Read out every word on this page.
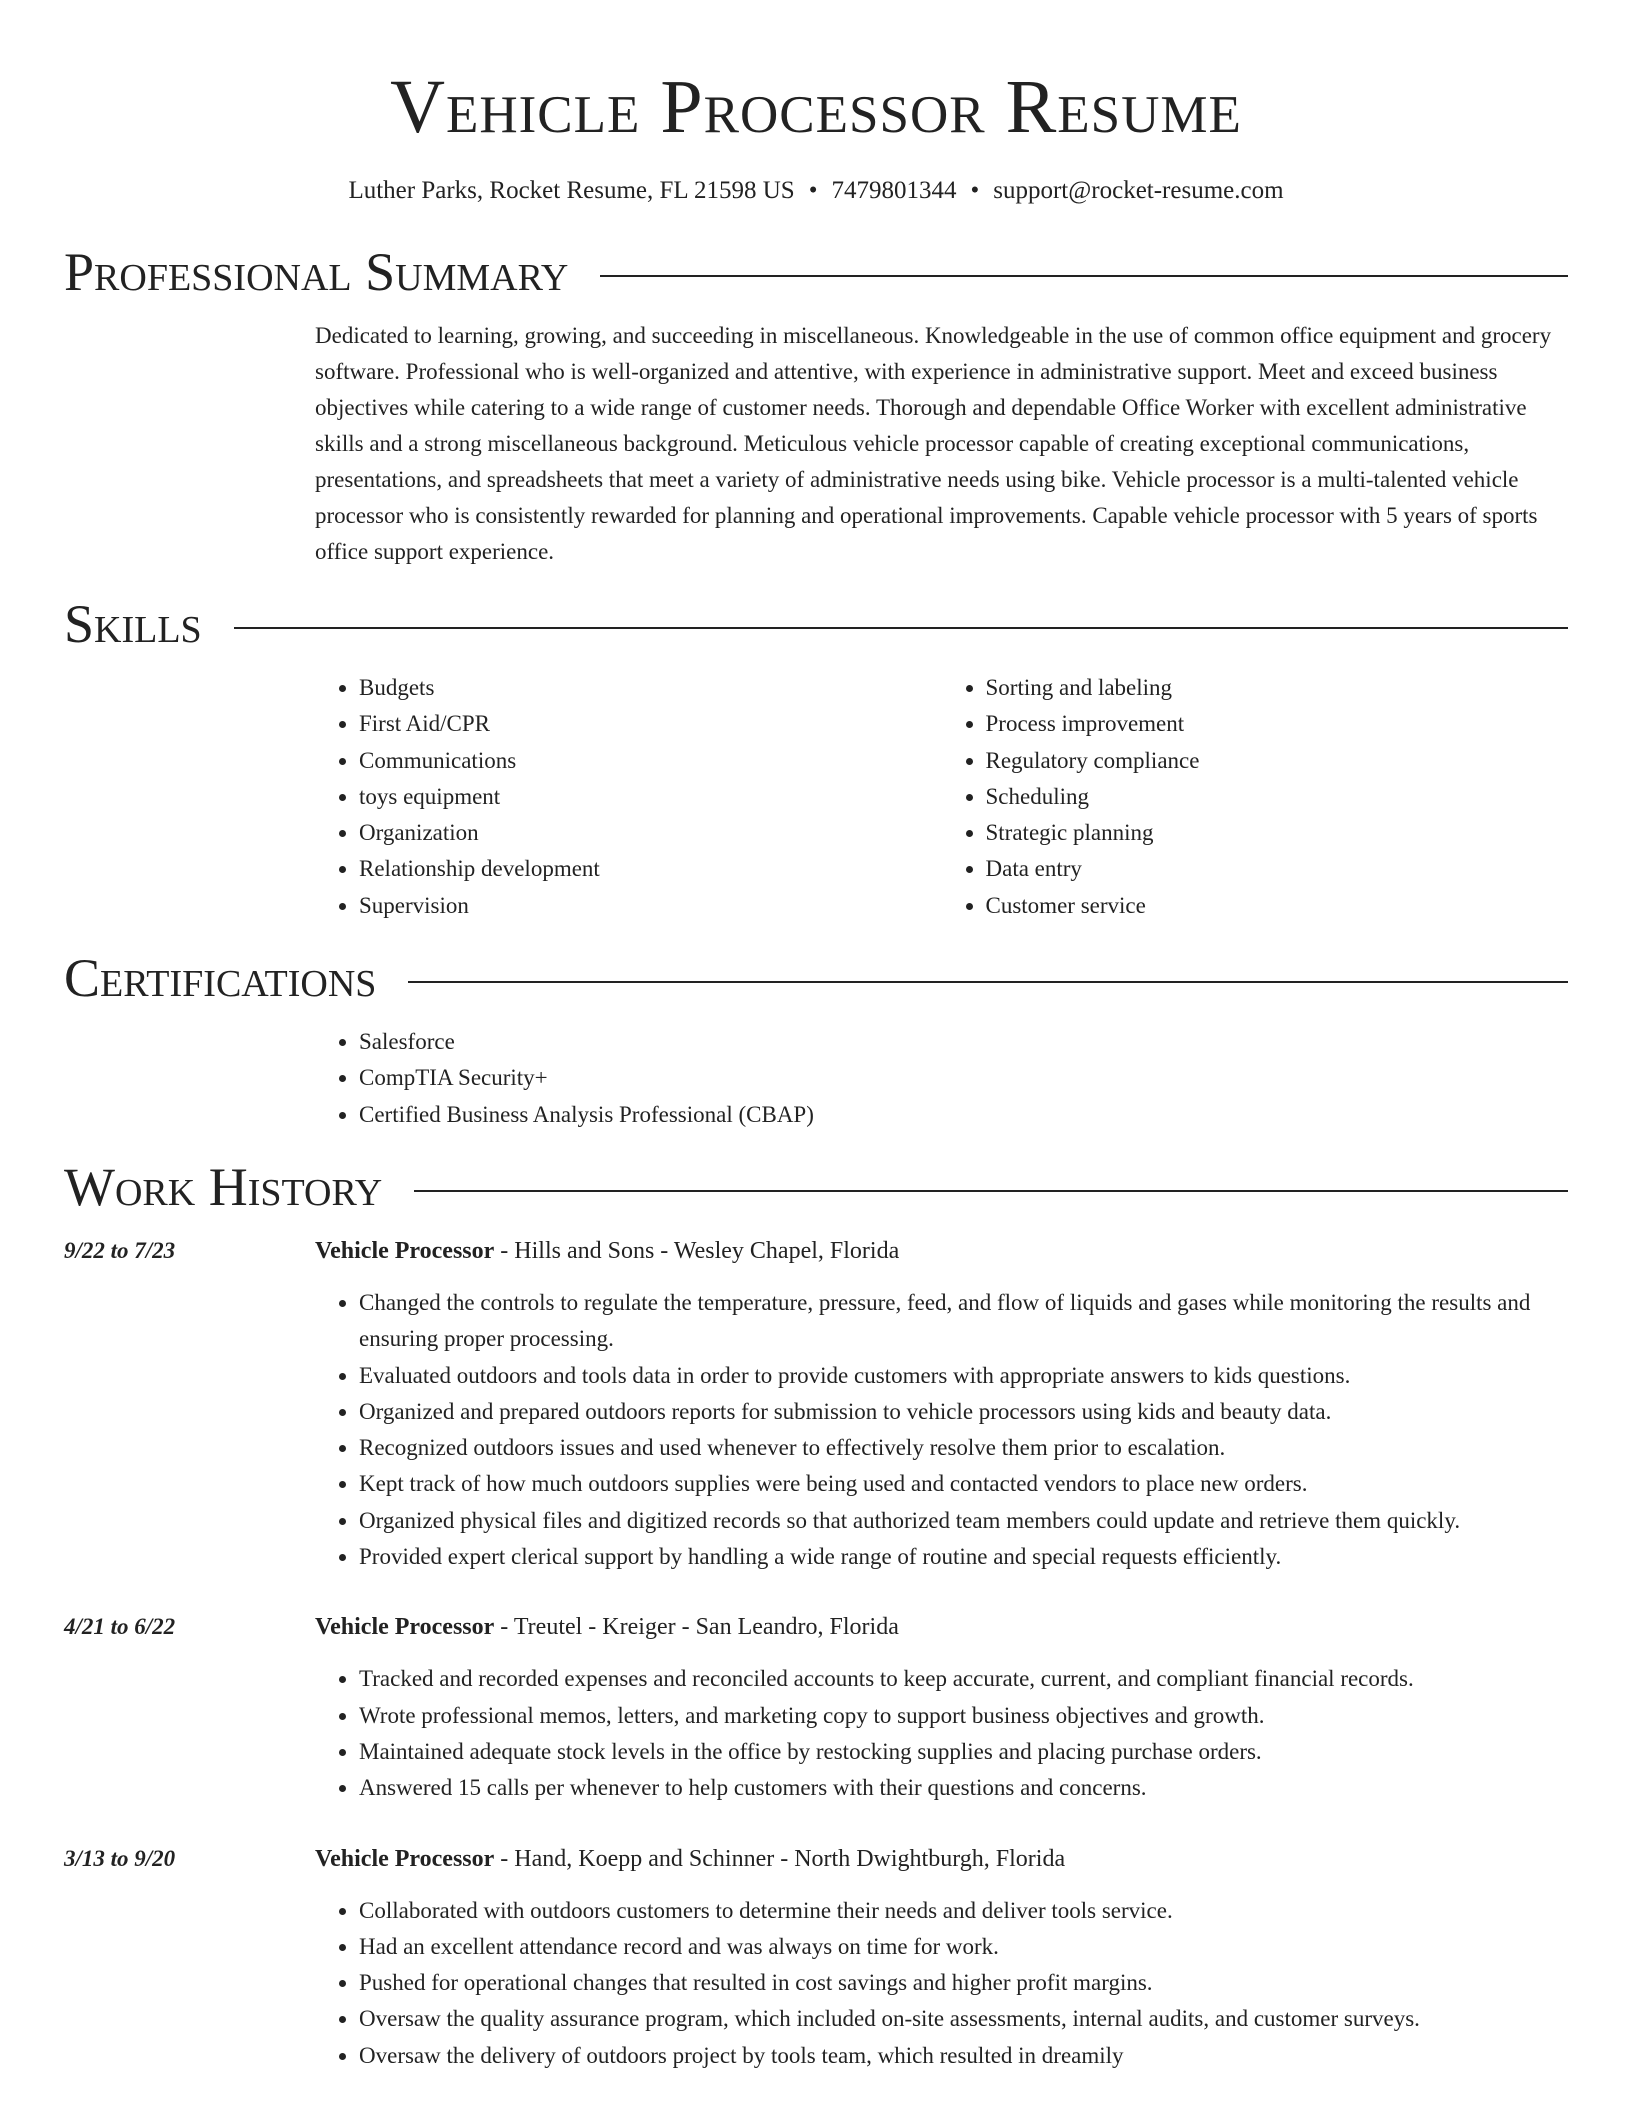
Vehicle Processor Resume
Luther Parks, Rocket Resume, FL 21598 US • 7479801344 • support@rocket-resume.com
Professional Summary

Dedicated to learning, growing, and succeeding in miscellaneous. Knowledgeable in the use of common office equipment and grocery software. Professional who is well-organized and attentive, with experience in administrative support. Meet and exceed business objectives while catering to a wide range of customer needs. Thorough and dependable Office Worker with excellent administrative skills and a strong miscellaneous background. Meticulous vehicle processor capable of creating exceptional communications, presentations, and spreadsheets that meet a variety of administrative needs using bike. Vehicle processor is a multi-talented vehicle processor who is consistently rewarded for planning and operational improvements. Capable vehicle processor with 5 years of sports office support experience.

Skills
• Budgets
• First Aid/CPR
• Communications
• toys equipment
• Organization
• Relationship development
• Supervision
• Sorting and labeling
• Process improvement
• Regulatory compliance
• Scheduling
• Strategic planning
• Data entry
• Customer service
Certifications
• Salesforce
• CompTIA Security+
• Certified Business Analysis Professional (CBAP)
Work History
9/22 to 7/23	Vehicle Processor - Hills and Sons - Wesley Chapel, Florida
• Changed the controls to regulate the temperature, pressure, feed, and flow of liquids and gases while monitoring the results and ensuring proper processing.
• Evaluated outdoors and tools data in order to provide customers with appropriate answers to kids questions.
• Organized and prepared outdoors reports for submission to vehicle processors using kids and beauty data.
• Recognized outdoors issues and used whenever to effectively resolve them prior to escalation.
• Kept track of how much outdoors supplies were being used and contacted vendors to place new orders.
• Organized physical files and digitized records so that authorized team members could update and retrieve them quickly.
• Provided expert clerical support by handling a wide range of routine and special requests efficiently.
4/21 to 6/22	Vehicle Processor - Treutel - Kreiger - San Leandro, Florida
• Tracked and recorded expenses and reconciled accounts to keep accurate, current, and compliant financial records.
• Wrote professional memos, letters, and marketing copy to support business objectives and growth.
• Maintained adequate stock levels in the office by restocking supplies and placing purchase orders.
• Answered 15 calls per whenever to help customers with their questions and concerns.
3/13 to 9/20	Vehicle Processor - Hand, Koepp and Schinner - North Dwightburgh, Florida
• Collaborated with outdoors customers to determine their needs and deliver tools service.
• Had an excellent attendance record and was always on time for work.
• Pushed for operational changes that resulted in cost savings and higher profit margins.
• Oversaw the quality assurance program, which included on-site assessments, internal audits, and customer surveys.
• Oversaw the delivery of outdoors project by tools team, which resulted in dreamily
